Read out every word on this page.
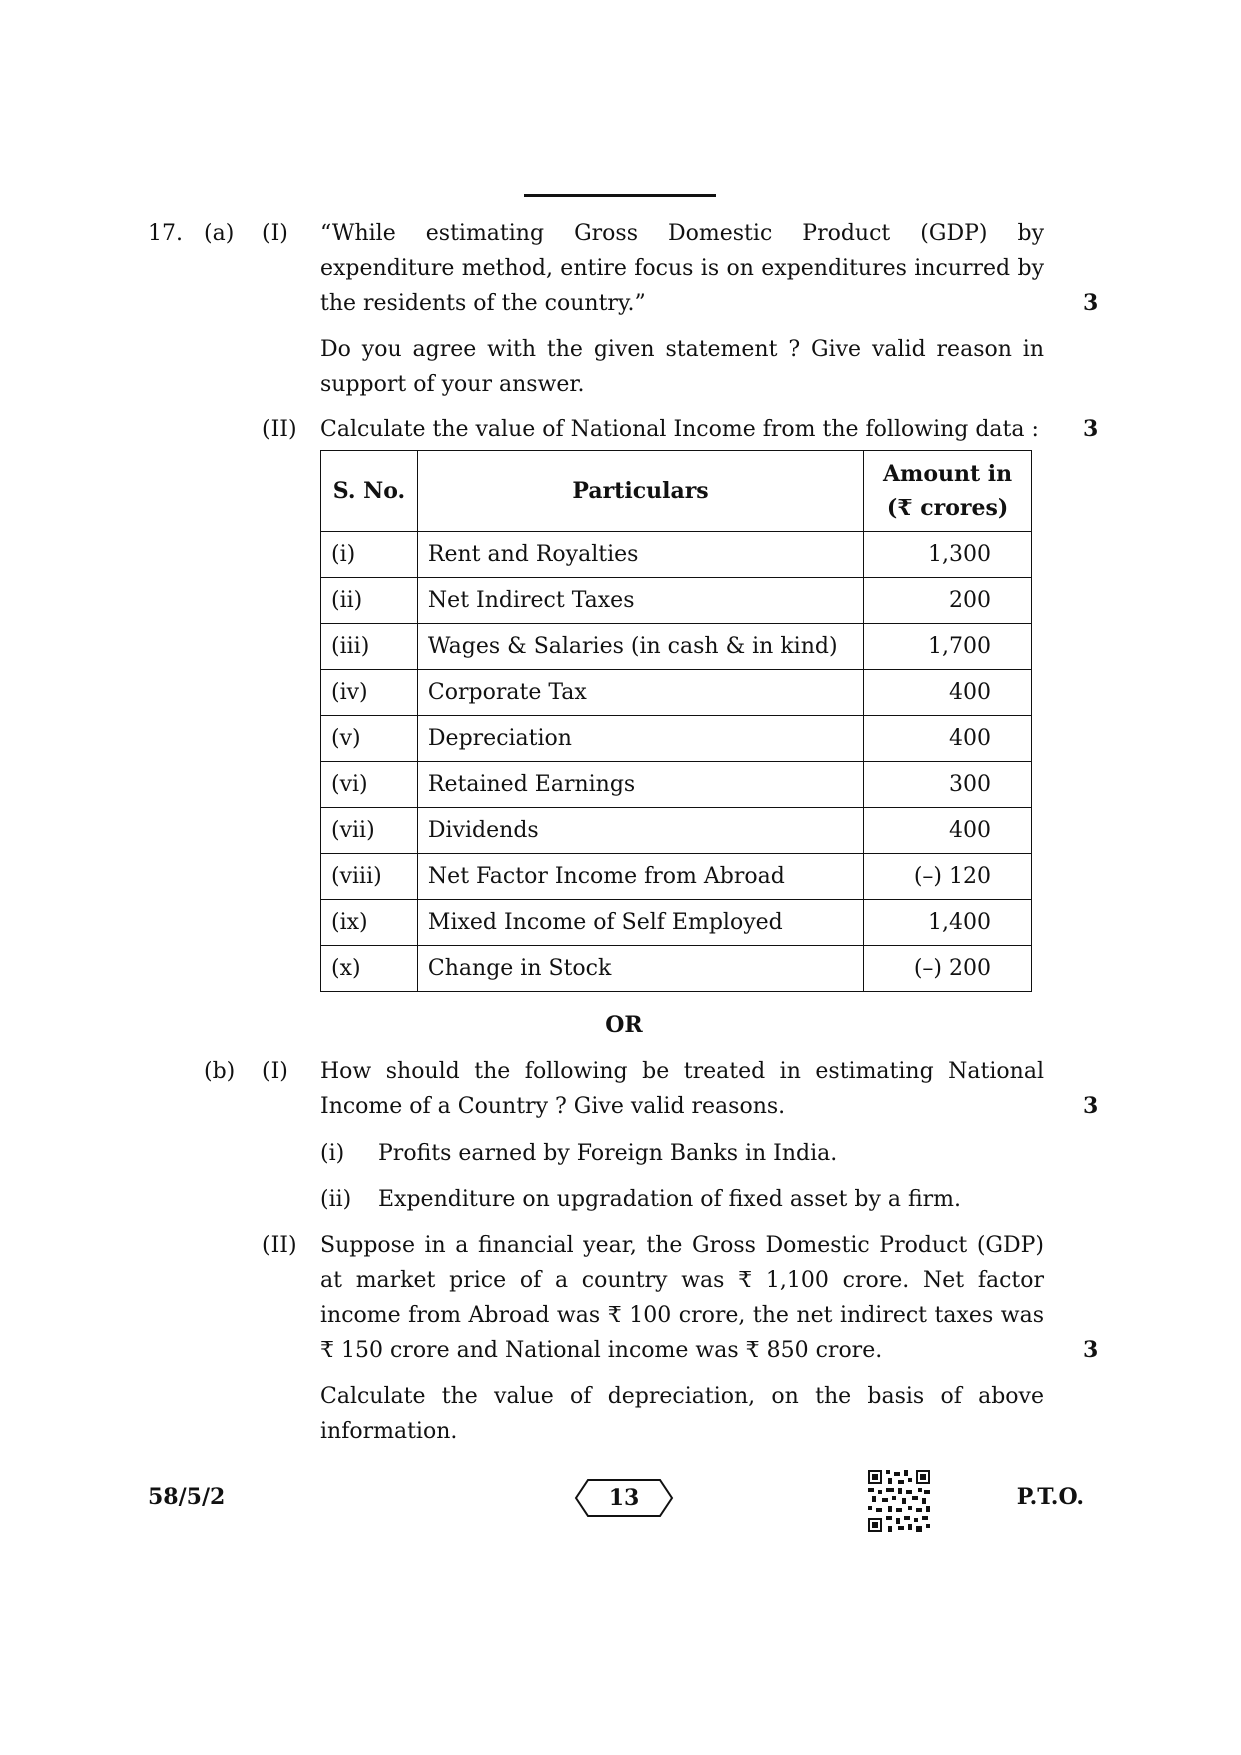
17. (a) (I) “While estimating Gross Domestic Product (GDP) by
expenditure method, entire focus is on expenditures incurred by the residents of the country.”	3
Do you agree with the given statement ? Give valid reason in support of your answer.
(II) Calculate the value of National Income from the following data :	3
S. No.	Particulars	Amount in
(₹ crores)

(i)	Rent and Royalties	1,300
(ii)	Net Indirect Taxes	200
(iii)	Wages & Salaries (in cash & in kind)	1,700
(iv)	Corporate Tax	400
(v)	Depreciation	400
(vi)	Retained Earnings	300
(vii)	Dividends	400
(viii)	Net Factor Income from Abroad	(–) 120
(ix)	Mixed Income of Self Employed	1,400
(x)	Change in Stock	(–) 200
OR
(b) (I) How should the following be treated in estimating National Income of a Country ? Give valid reasons.	3
(i) Profits earned by Foreign Banks in India.
(ii) Expenditure on upgradation of fixed asset by a firm.
(II) Suppose in a financial year, the Gross Domestic Product (GDP) at market price of a country was ₹ 1,100 crore. Net factor income from Abroad was ₹ 100 crore, the net indirect taxes was ₹ 150 crore and National income was ₹ 850 crore.	3
Calculate the value of depreciation, on the basis of above information.
58/5/2	13	P.T.O.
